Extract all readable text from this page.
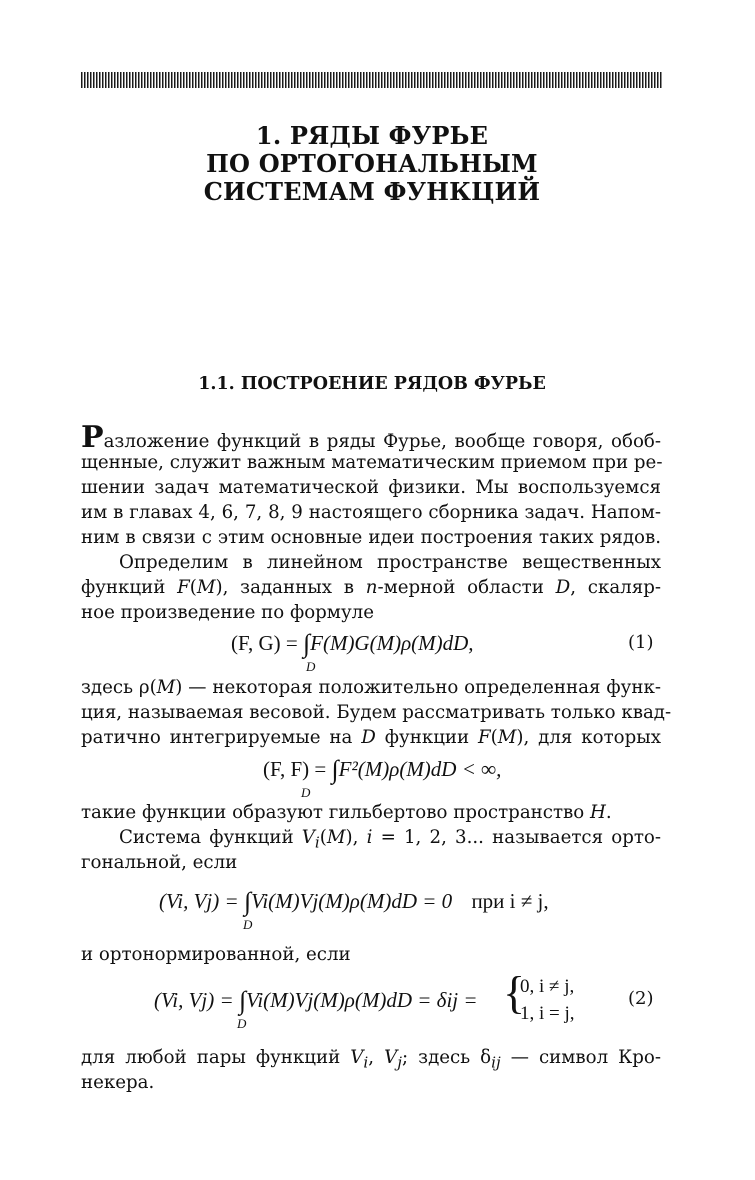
1. РЯДЫ ФУРЬЕ
ПО ОРТОГОНАЛЬНЫМ
СИСТЕМАМ ФУНКЦИЙ
1.1. ПОСТРОЕНИЕ РЯДОВ ФУРЬЕ
Разложение функций в ряды Фурье, вообще говоря, обоб-
щенные, служит важным математическим приемом при ре-
шении задач математической физики. Мы воспользуемся
им в главах 4, 6, 7, 8, 9 настоящего сборника задач. Напом-
ним в связи с этим основные идеи построения таких рядов.
Определим в линейном пространстве вещественных
функций F(M), заданных в n-мерной области D, скаляр-
ное произведение по формуле
(F, G) = ∫F(M)G(M)ρ(M)dD,
D
(1)
здесь ρ(M) — некоторая положительно определенная функ-
ция, называемая весовой. Будем рассматривать только квад-
ратично интегрируемые на D функции F(M), для которых
(F, F) = ∫F²(M)ρ(M)dD < ∞,
D
такие функции образуют гильбертово пространство H.
Система функций $V_i(M)$, i = 1, 2, 3... называется орто-
гональной, если
(Vi, Vj) = ∫Vi(M)Vj(M)ρ(M)dD = 0 при i ≠ j,
D
и ортонормированной, если
(Vi, Vj) = ∫Vi(M)Vj(M)ρ(M)dD = δij =
D
{
0, i ≠ j,
1, i = j,
(2)
для любой пары функций $V_i$, $V_j$; здесь $\delta_{ij}$ — символ Кро-
некера.
